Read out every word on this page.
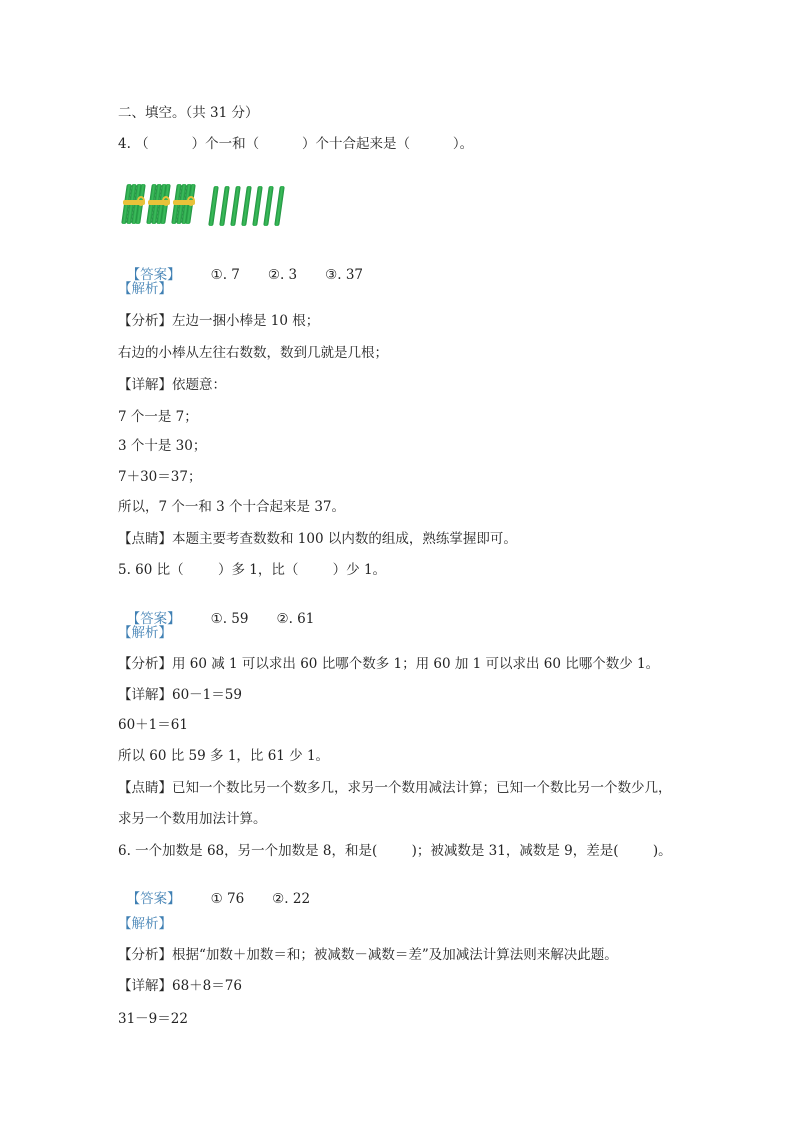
二、填空。（共 31 分）
4. （          ）个一和（          ）个十合起来是（          ）。

【答案】 ①. 7 ②. 3 ③. 37

【解析】
【分析】左边一捆小棒是 10 根；
右边的小棒从左往右数数，数到几就是几根；
【详解】依题意：
7 个一是 7；
3 个十是 30；
7＋30＝37；
所以，7 个一和 3 个十合起来是 37。
【点睛】本题主要考查数数和 100 以内数的组成，熟练掌握即可。
5. 60 比（        ）多 1，比（        ）少 1。

【答案】 ①. 59 ②. 61

【解析】
【分析】用 60 减 1 可以求出 60 比哪个数多 1；用 60 加 1 可以求出 60 比哪个数少 1。
【详解】60－1＝59
60＋1＝61
所以 60 比 59 多 1，比 61 少 1。
【点睛】已知一个数比另一个数多几，求另一个数用减法计算；已知一个数比另一个数少几，
求另一个数用加法计算。
6. 一个加数是 68，另一个加数是 8，和是(        )；被减数是 31，减数是 9，差是(        )。

【答案】 ① 76 ②. 22

【解析】
【分析】根据“加数＋加数＝和；被减数－减数＝差”及加减法计算法则来解决此题。
【详解】68＋8＝76
31－9＝22
